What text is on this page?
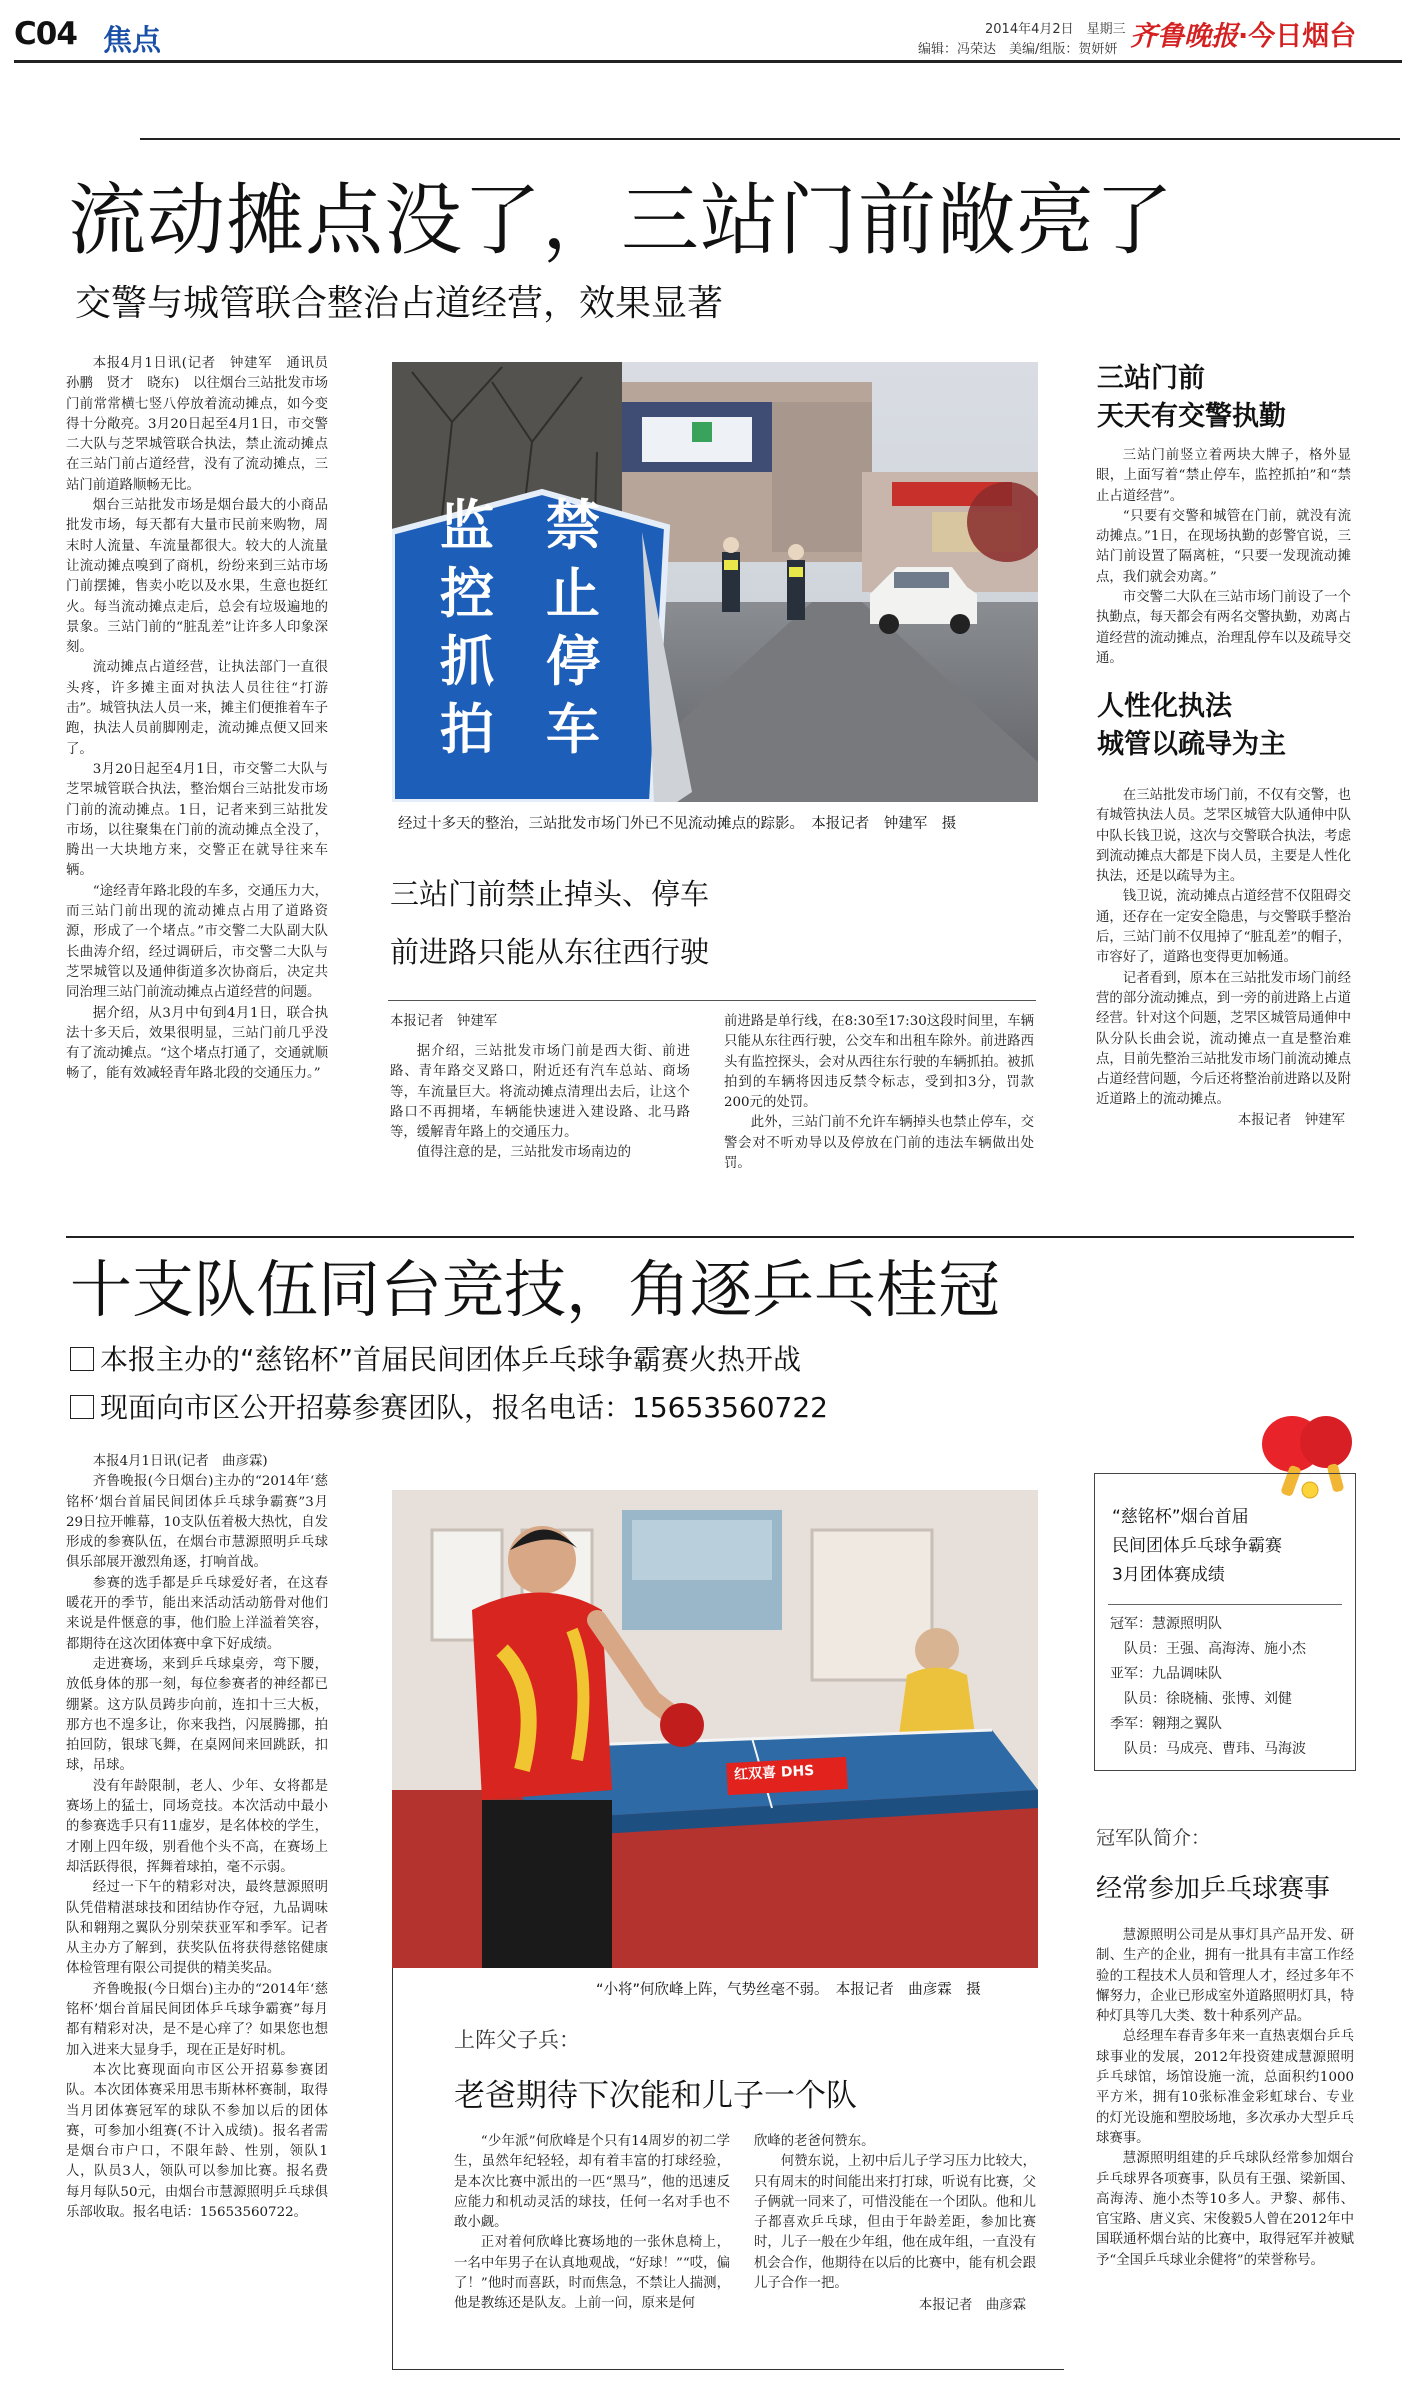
C04 焦点	2014年4月2日　星期三
编辑：冯荣达　美编/组版：贺妍妍 齐鲁晚报·今日烟台
流动摊点没了，三站门前敞亮了
交警与城管联合整治占道经营，效果显著

本报4月1日讯(记者　钟建军　通讯员　孙鹏　贤才　晓东)　以往烟台三站批发市场门前常常横七竖八停放着流动摊点，如今变得十分敞亮。3月20日起至4月1日，市交警二大队与芝罘城管联合执法，禁止流动摊点在三站门前占道经营，没有了流动摊点，三站门前道路顺畅无比。

烟台三站批发市场是烟台最大的小商品批发市场，每天都有大量市民前来购物，周末时人流量、车流量都很大。较大的人流量让流动摊点嗅到了商机，纷纷来到三站市场门前摆摊，售卖小吃以及水果，生意也挺红火。每当流动摊点走后，总会有垃圾遍地的景象。三站门前的“脏乱差”让许多人印象深刻。

流动摊点占道经营，让执法部门一直很头疼，许多摊主面对执法人员往往“打游击”。城管执法人员一来，摊主们便推着车子跑，执法人员前脚刚走，流动摊点便又回来了。

3月20日起至4月1日，市交警二大队与芝罘城管联合执法，整治烟台三站批发市场门前的流动摊点。1日，记者来到三站批发市场，以往聚集在门前的流动摊点全没了，腾出一大块地方来，交警正在就导往来车辆。

“途经青年路北段的车多，交通压力大，而三站门前出现的流动摊点占用了道路资源，形成了一个堵点。”市交警二大队副大队长曲涛介绍，经过调研后，市交警二大队与芝罘城管以及通伸街道多次协商后，决定共同治理三站门前流动摊点占道经营的问题。

据介绍，从3月中旬到4月1日，联合执法十多天后，效果很明显，三站门前几乎没有了流动摊点。“这个堵点打通了，交通就顺畅了，能有效减轻青年路北段的交通压力。”

监 禁
控 止
抓 停
拍 车
经过十多天的整治，三站批发市场门外已不见流动摊点的踪影。　本报记者　钟建军　摄
三站门前禁止掉头、停车
前进路只能从东往西行驶
本报记者　钟建军

据介绍，三站批发市场门前是西大街、前进路、青年路交叉路口，附近还有汽车总站、商场等，车流量巨大。将流动摊点清理出去后，让这个路口不再拥堵，车辆能快速进入建设路、北马路等，缓解青年路上的交通压力。

值得注意的是，三站批发市场南边的

前进路是单行线，在8:30至17:30这段时间里，车辆只能从东往西行驶，公交车和出租车除外。前进路西头有监控探头，会对从西往东行驶的车辆抓拍。被抓拍到的车辆将因违反禁令标志，受到扣3分，罚款200元的处罚。

此外，三站门前不允许车辆掉头也禁止停车，交警会对不听劝导以及停放在门前的违法车辆做出处罚。

三站门前
天天有交警执勤

三站门前竖立着两块大牌子，格外显眼，上面写着“禁止停车，监控抓拍”和“禁止占道经营”。

“只要有交警和城管在门前，就没有流动摊点。”1日，在现场执勤的彭警官说，三站门前设置了隔离桩，“只要一发现流动摊点，我们就会劝离。”

市交警二大队在三站市场门前设了一个执勤点，每天都会有两名交警执勤，劝离占道经营的流动摊点，治理乱停车以及疏导交通。

人性化执法
城管以疏导为主

在三站批发市场门前，不仅有交警，也有城管执法人员。芝罘区城管大队通伸中队中队长钱卫说，这次与交警联合执法，考虑到流动摊点大都是下岗人员，主要是人性化执法，还是以疏导为主。

钱卫说，流动摊点占道经营不仅阻碍交通，还存在一定安全隐患，与交警联手整治后，三站门前不仅甩掉了“脏乱差”的帽子，市容好了，道路也变得更加畅通。

记者看到，原本在三站批发市场门前经营的部分流动摊点，到一旁的前进路上占道经营。针对这个问题，芝罘区城管局通伸中队分队长曲会说，流动摊点一直是整治难点，目前先整治三站批发市场门前流动摊点占道经营问题，今后还将整治前进路以及附近道路上的流动摊点。

本报记者　钟建军
十支队伍同台竞技，角逐乒乓桂冠
本报主办的“慈铭杯”首届民间团体乒乓球争霸赛火热开战
现面向市区公开招募参赛团队，报名电话：15653560722

本报4月1日讯(记者　曲彦霖)

齐鲁晚报(今日烟台)主办的“2014年‘慈铭杯’烟台首届民间团体乒乓球争霸赛”3月29日拉开帷幕，10支队伍着极大热忱，自发形成的参赛队伍，在烟台市慧源照明乒乓球俱乐部展开激烈角逐，打响首战。

参赛的选手都是乒乓球爱好者，在这春暖花开的季节，能出来活动活动筋骨对他们来说是件惬意的事，他们脸上洋溢着笑容，都期待在这次团体赛中拿下好成绩。

走进赛场，来到乒乓球桌旁，弯下腰，放低身体的那一刻，每位参赛者的神经都已绷紧。这方队员踌步向前，连扣十三大板，那方也不遑多让，你来我挡，闪展腾挪，拍拍回防，银球飞舞，在桌网间来回跳跃，扣球，吊球。

没有年龄限制，老人、少年、女将都是赛场上的猛士，同场竞技。本次活动中最小的参赛选手只有11虚岁，是名体校的学生，才刚上四年级，别看他个头不高，在赛场上却活跃得很，挥舞着球拍，毫不示弱。

经过一下午的精彩对决，最终慧源照明队凭借精湛球技和团结协作夺冠，九品调味队和翱翔之翼队分别荣获亚军和季军。记者从主办方了解到，获奖队伍将获得慈铭健康体检管理有限公司提供的精美奖品。

齐鲁晚报(今日烟台)主办的“2014年‘慈铭杯’烟台首届民间团体乒乓球争霸赛”每月都有精彩对决，是不是心痒了？如果您也想加入进来大显身手，现在正是好时机。

本次比赛现面向市区公开招募参赛团队。本次团体赛采用思韦斯林杯赛制，取得当月团体赛冠军的球队不参加以后的团体赛，可参加小组赛(不计入成绩)。报名者需是烟台市户口，不限年龄、性别，领队1人，队员3人，领队可以参加比赛。报名费每月每队50元，由烟台市慧源照明乒乓球俱乐部收取。报名电话：15653560722。

红双喜 DHS
“小将”何欣峰上阵，气势丝毫不弱。　本报记者　曲彦霖　摄
上阵父子兵：
老爸期待下次能和儿子一个队

“少年派”何欣峰是个只有14周岁的初二学生，虽然年纪轻轻，却有着丰富的打球经验，是本次比赛中派出的一匹“黑马”，他的迅速反应能力和机动灵活的球技，任何一名对手也不敢小觑。

正对着何欣峰比赛场地的一张休息椅上，一名中年男子在认真地观战，“好球！”“哎，偏了！”他时而喜跃，时而焦急，不禁让人揣测，他是教练还是队友。上前一问，原来是何

欣峰的老爸何赞东。

何赞东说，上初中后儿子学习压力比较大，只有周末的时间能出来打打球，听说有比赛，父子俩就一同来了，可惜没能在一个团队。他和儿子都喜欢乒乓球，但由于年龄差距，参加比赛时，儿子一般在少年组，他在成年组，一直没有机会合作，他期待在以后的比赛中，能有机会跟儿子合作一把。

本报记者　曲彦霖
“慈铭杯”烟台首届
民间团体乒乓球争霸赛
3月团体赛成绩
冠军：慧源照明队
　队员：王强、高海涛、施小杰
亚军：九品调味队
　队员：徐晓楠、张博、刘健
季军：翱翔之翼队
　队员：马成亮、曹玮、马海波
冠军队简介：
经常参加乒乓球赛事

慧源照明公司是从事灯具产品开发、研制、生产的企业，拥有一批具有丰富工作经验的工程技术人员和管理人才，经过多年不懈努力，企业已形成室外道路照明灯具，特种灯具等几大类、数十种系列产品。

总经理车春青多年来一直热衷烟台乒乓球事业的发展，2012年投资建成慧源照明乒乓球馆，场馆设施一流，总面积约1000平方米，拥有10张标准金彩虹球台、专业的灯光设施和塑胶场地，多次承办大型乒乓球赛事。

慧源照明组建的乒乓球队经常参加烟台乒乓球界各项赛事，队员有王强、梁新国、高海涛、施小杰等10多人。尹黎、郝伟、官宝路、唐义宾、宋俊毅5人曾在2012年中国联通杯烟台站的比赛中，取得冠军并被赋予“全国乒乓球业余健将”的荣誉称号。
